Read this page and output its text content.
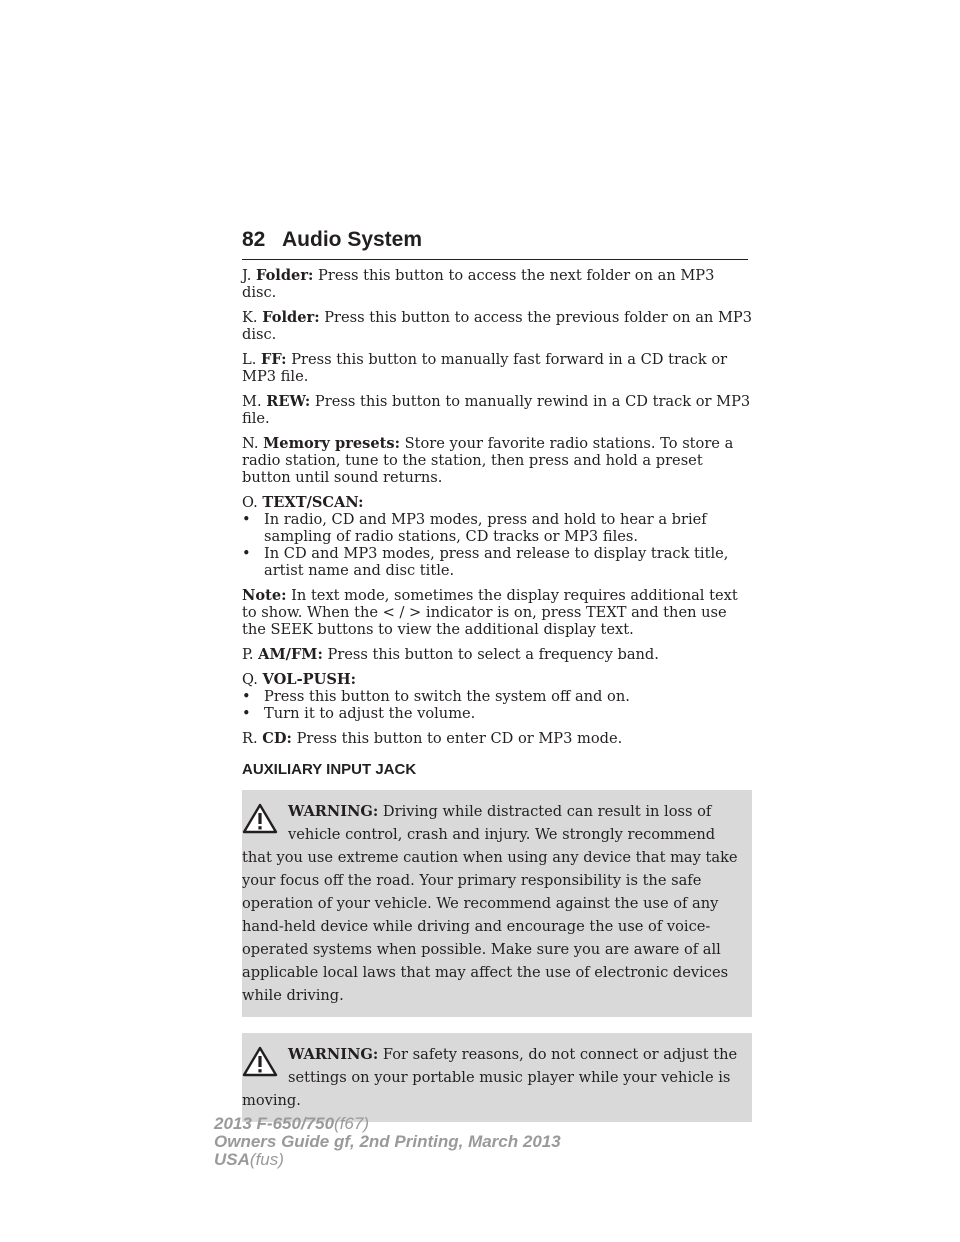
82 Audio System

J. Folder: Press this button to access the next folder on an MP3 disc.

K. Folder: Press this button to access the previous folder on an MP3 disc.

L. FF: Press this button to manually fast forward in a CD track or MP3 file.

M. REW: Press this button to manually rewind in a CD track or MP3 file.

N. Memory presets: Store your favorite radio stations. To store a radio station, tune to the station, then press and hold a preset button until sound returns.

O. TEXT/SCAN:

• In radio, CD and MP3 modes, press and hold to hear a brief sampling of radio stations, CD tracks or MP3 files.
• In CD and MP3 modes, press and release to display track title, artist name and disc title.

Note: In text mode, sometimes the display requires additional text to show. When the < / > indicator is on, press TEXT and then use the SEEK buttons to view the additional display text.

P. AM/FM: Press this button to select a frequency band.

Q. VOL-PUSH:

• Press this button to switch the system off and on.
• Turn it to adjust the volume.

R. CD: Press this button to enter CD or MP3 mode.

AUXILIARY INPUT JACK
WARNING: Driving while distracted can result in loss of vehicle control, crash and injury. We strongly recommend that you use extreme caution when using any device that may take your focus off the road. Your primary responsibility is the safe operation of your vehicle. We recommend against the use of any hand-held device while driving and encourage the use of voice-operated systems when possible. Make sure you are aware of all applicable local laws that may affect the use of electronic devices while driving.
WARNING: For safety reasons, do not connect or adjust the settings on your portable music player while your vehicle is moving.
2013 F-650/750(f67)
Owners Guide gf, 2nd Printing, March 2013
USA(fus)
